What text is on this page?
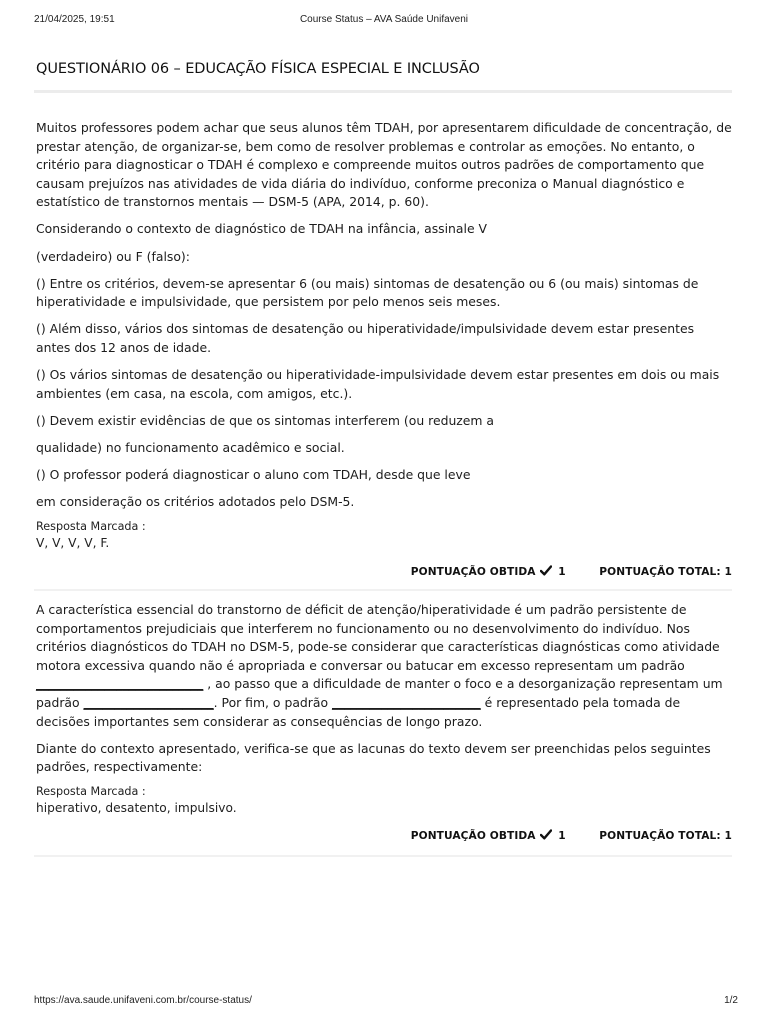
21/04/2025, 19:51	Course Status – AVA Saúde Unifaveni
QUESTIONÁRIO 06 – EDUCAÇÃO FÍSICA ESPECIAL E INCLUSÃO

Muitos professores podem achar que seus alunos têm TDAH, por apresentarem dificuldade de concentração, de prestar atenção, de organizar-se, bem como de resolver problemas e controlar as emoções. No entanto, o critério para diagnosticar o TDAH é complexo e compreende muitos outros padrões de comportamento que causam prejuízos nas atividades de vida diária do indivíduo, conforme preconiza o Manual diagnóstico e estatístico de transtornos mentais — DSM-5 (APA, 2014, p. 60).

Considerando o contexto de diagnóstico de TDAH na infância, assinale V

(verdadeiro) ou F (falso):

() Entre os critérios, devem-se apresentar 6 (ou mais) sintomas de desatenção ou 6 (ou mais) sintomas de hiperatividade e impulsividade, que persistem por pelo menos seis meses.

() Além disso, vários dos sintomas de desatenção ou hiperatividade/impulsividade devem estar presentes antes dos 12 anos de idade.

() Os vários sintomas de desatenção ou hiperatividade-impulsividade devem estar presentes em dois ou mais ambientes (em casa, na escola, com amigos, etc.).

() Devem existir evidências de que os sintomas interferem (ou reduzem a

qualidade) no funcionamento acadêmico e social.

() O professor poderá diagnosticar o aluno com TDAH, desde que leve

em consideração os critérios adotados pelo DSM-5.

Resposta Marcada :
V, V, V, V, F.
PONTUAÇÃO OBTIDA 1	PONTUAÇÃO TOTAL: 1

A característica essencial do transtorno de déficit de atenção/hiperatividade é um padrão persistente de comportamentos prejudiciais que interferem no funcionamento ou no desenvolvimento do indivíduo. Nos critérios diagnósticos do TDAH no DSM-5, pode-se considerar que características diagnósticas como atividade motora excessiva quando não é apropriada e conversar ou batucar em excesso representam um padrão ___________________________ , ao passo que a dificuldade de manter o foco e a desorganização representam um padrão _____________________. Por fim, o padrão ________________________ é representado pela tomada de decisões importantes sem considerar as consequências de longo prazo.

Diante do contexto apresentado, verifica-se que as lacunas do texto devem ser preenchidas pelos seguintes padrões, respectivamente:

Resposta Marcada :
hiperativo, desatento, impulsivo.
PONTUAÇÃO OBTIDA 1	PONTUAÇÃO TOTAL: 1
https://ava.saude.unifaveni.com.br/course-status/	1/2
